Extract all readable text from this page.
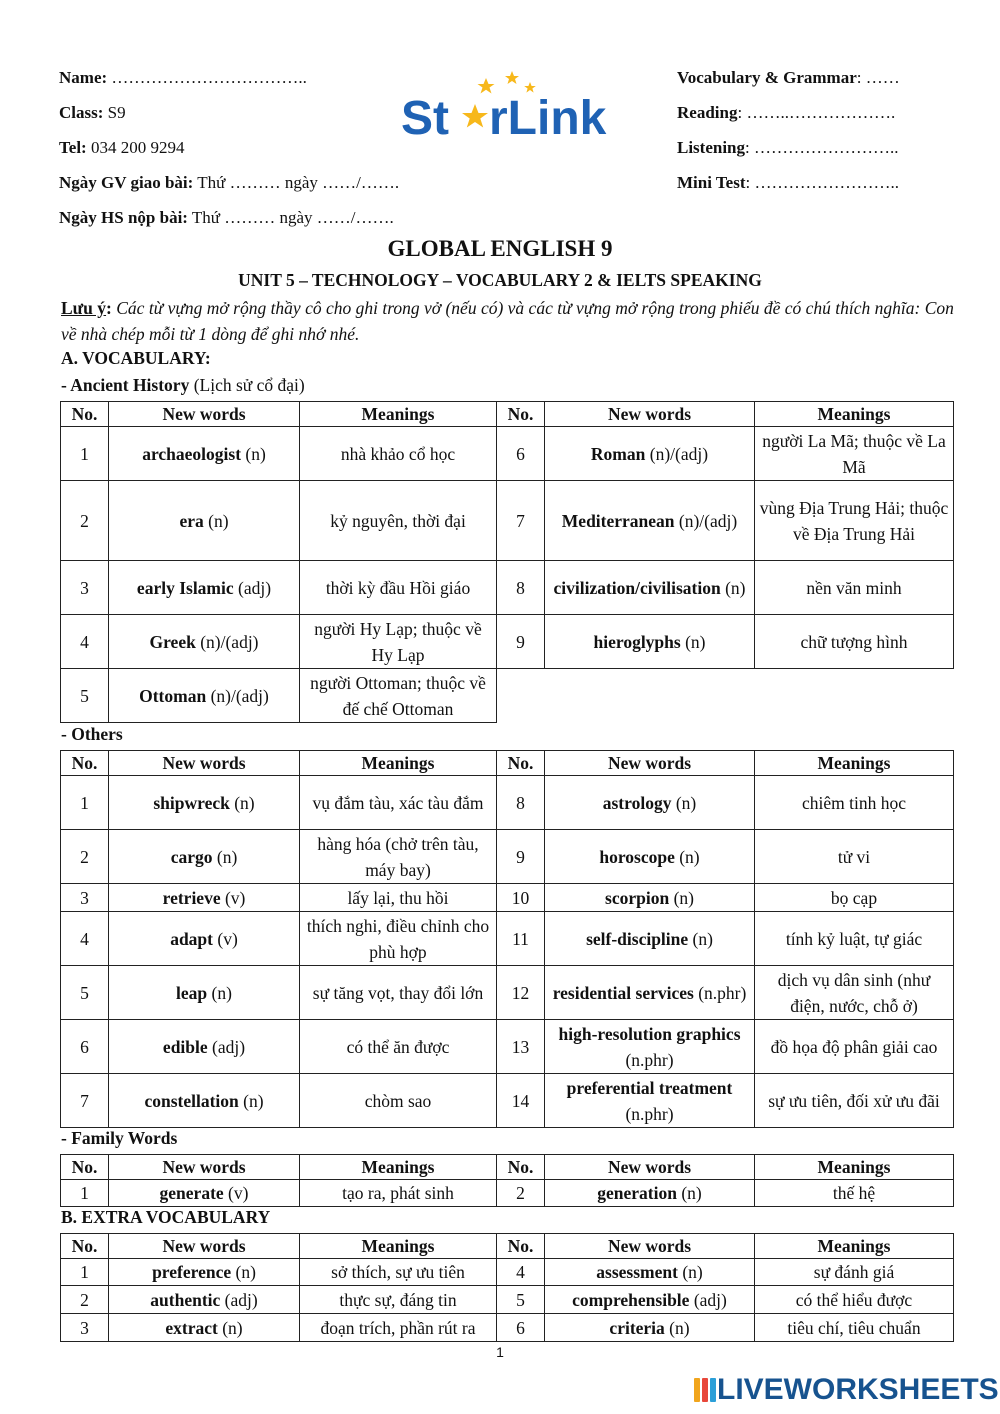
Name: ……………………………..
Class: S9
Tel: 034 200 9294
Ngày GV giao bài: Thứ ……… ngày ……/…….
Ngày HS nộp bài: Thứ ……… ngày ……/…….
St rLink
Vocabulary & Grammar: ……
Reading: ……..……………….
Listening: ……………………..
Mini Test: ……………………..
GLOBAL ENGLISH 9
UNIT 5 – TECHNOLOGY – VOCABULARY 2 & IELTS SPEAKING
Lưu ý: Các từ vựng mở rộng thầy cô cho ghi trong vở (nếu có) và các từ vựng mở rộng trong phiếu đề có chú thích nghĩa: Con về nhà chép mỗi từ 1 dòng để ghi nhớ nhé.
A. VOCABULARY:
- Ancient History (Lịch sử cổ đại)
No.	New words	Meanings	No.	New words	Meanings
1	archaeologist (n)	nhà khảo cổ học	6	Roman (n)/(adj)	người La Mã; thuộc về La Mã
2	era (n)	kỷ nguyên, thời đại	7	Mediterranean (n)/(adj)	vùng Địa Trung Hải; thuộc về Địa Trung Hải
3	early Islamic (adj)	thời kỳ đầu Hồi giáo	8	civilization/civilisation (n)	nền văn minh
4	Greek (n)/(adj)	người Hy Lạp; thuộc về Hy Lạp	9	hieroglyphs (n)	chữ tượng hình
5	Ottoman (n)/(adj)	người Ottoman; thuộc về đế chế Ottoman			
- Others
No.	New words	Meanings	No.	New words	Meanings
1	shipwreck (n)	vụ đắm tàu, xác tàu đắm	8	astrology (n)	chiêm tinh học
2	cargo (n)	hàng hóa (chở trên tàu, máy bay)	9	horoscope (n)	tử vi
3	retrieve (v)	lấy lại, thu hồi	10	scorpion (n)	bọ cạp
4	adapt (v)	thích nghi, điều chỉnh cho phù hợp	11	self-discipline (n)	tính kỷ luật, tự giác
5	leap (n)	sự tăng vọt, thay đổi lớn	12	residential services (n.phr)	dịch vụ dân sinh (như điện, nước, chỗ ở)
6	edible (adj)	có thể ăn được	13	high-resolution graphics (n.phr)	đồ họa độ phân giải cao
7	constellation (n)	chòm sao	14	preferential treatment (n.phr)	sự ưu tiên, đối xử ưu đãi
- Family Words
No.	New words	Meanings	No.	New words	Meanings
1	generate (v)	tạo ra, phát sinh	2	generation (n)	thế hệ
B. EXTRA VOCABULARY
No.	New words	Meanings	No.	New words	Meanings
1	preference (n)	sở thích, sự ưu tiên	4	assessment (n)	sự đánh giá
2	authentic (adj)	thực sự, đáng tin	5	comprehensible (adj)	có thể hiểu được
3	extract (n)	đoạn trích, phần rút ra	6	criteria (n)	tiêu chí, tiêu chuẩn
1
LIVEWORKSHEETS
